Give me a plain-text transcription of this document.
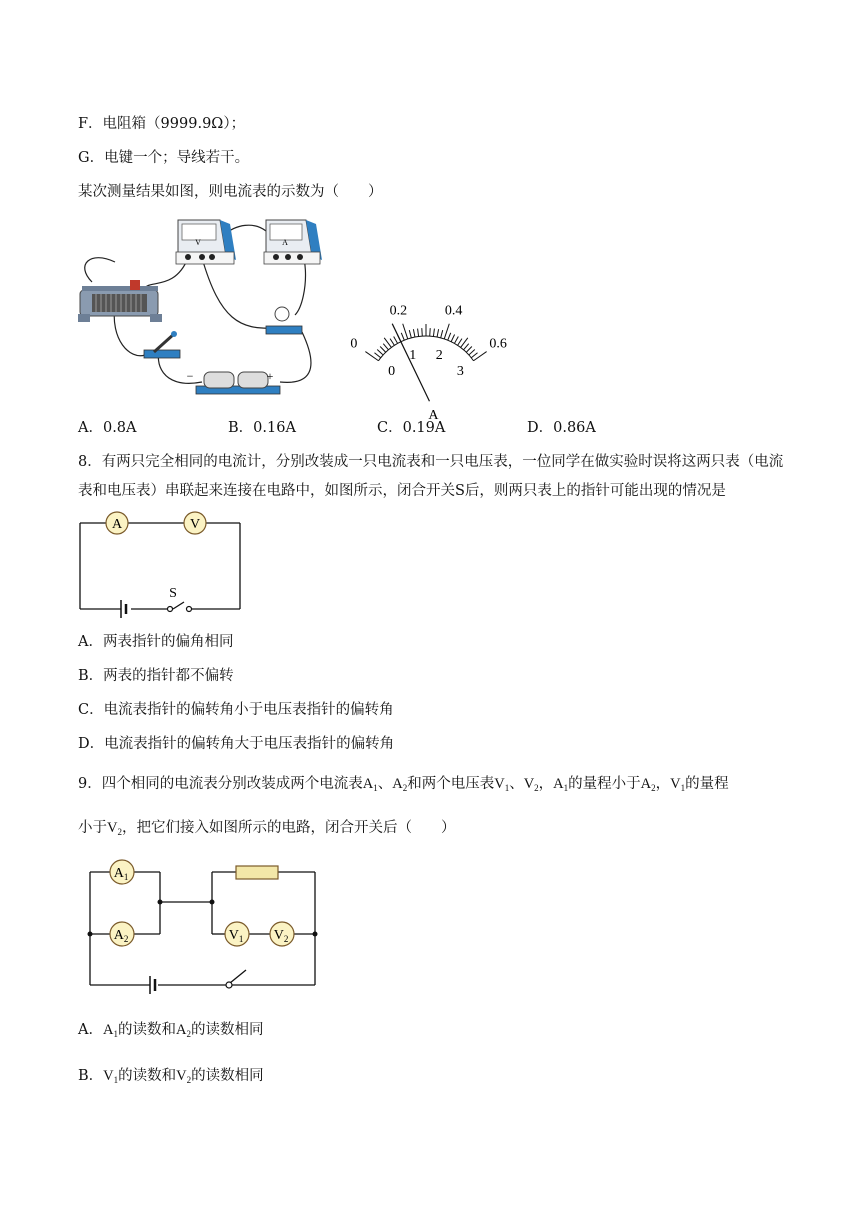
F．电阻箱（9999.9Ω）；
G．电键一个；导线若干。
某次测量结果如图，则电流表的示数为（　　）
V	A
−	+
0
0.2	0.4
0.6
0
1 2
3
A
A．0.8A	B．0.16A	C．0.19A	D．0.86A
8．有两只完全相同的电流计，分别改装成一只电流表和一只电压表，一位同学在做实验时误将这两只表（电流表和电压表）串联起来连接在电路中，如图所示，闭合开关S后，则两只表上的指针可能出现的情况是
A	V
S
A．两表指针的偏角相同
B．两表的指针都不偏转
C．电流表指针的偏转角小于电压表指针的偏转角
D．电流表指针的偏转角大于电压表指针的偏转角
9．四个相同的电流表分别改装成两个电流表$A_1$、$A_2$和两个电压表$V_1$、$V_2$，$A_1$的量程小于$A_2$，$V_1$的量程
小于$V_2$，把它们接入如图所示的电路，闭合开关后（　　）
$A_1$
$A_2$	$V_1$ $V_2$
A．$A_1$的读数和$A_2$的读数相同
B．$V_1$的读数和$V_2$的读数相同
